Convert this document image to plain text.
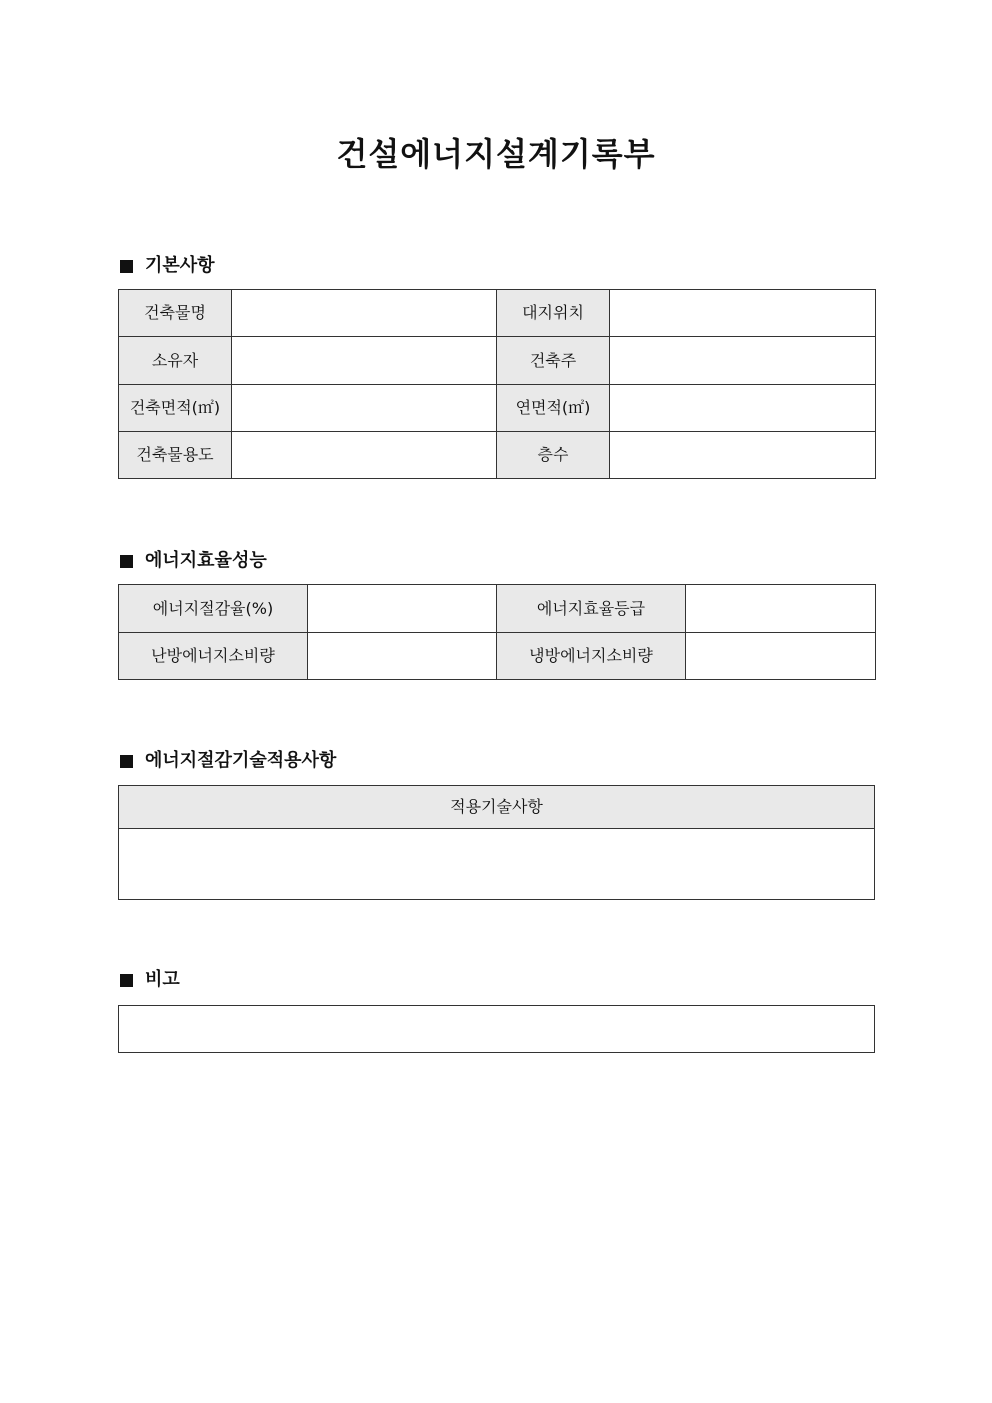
건설에너지설계기록부
기본사항
건축물명		대지위치	
소유자		건축주	
건축면적(㎡)		연면적(㎡)	
건축물용도		층수	
에너지효율성능
에너지절감율(%)		에너지효율등급	
난방에너지소비량		냉방에너지소비량	
에너지절감기술적용사항
적용기술사항

비고
